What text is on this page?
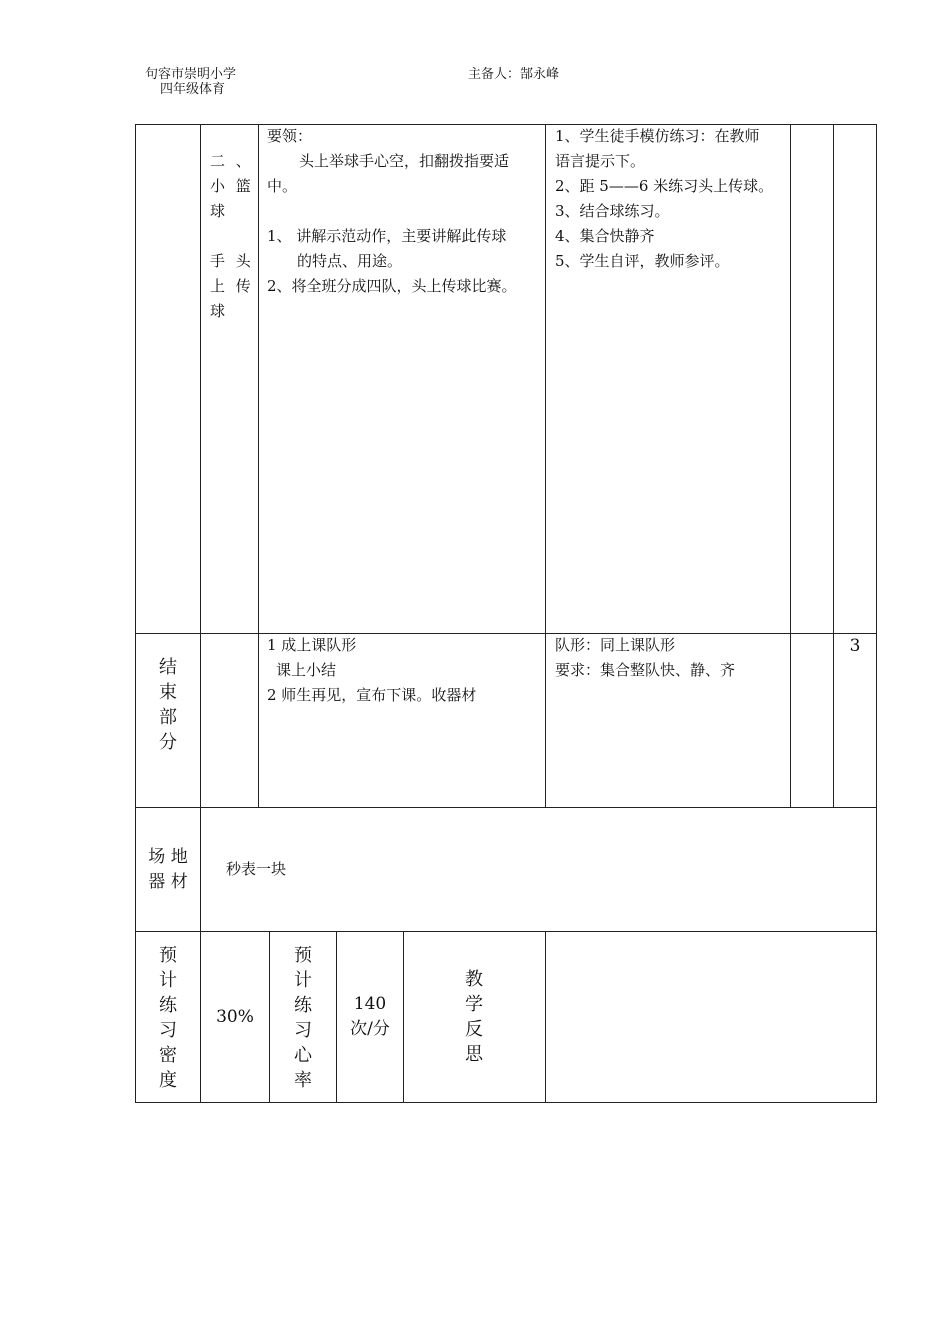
句容市崇明小学
四年级体育
主备人：郜永峰

二 、

小 篮

球

手 头

上 传

球

要领：

头上举球手心空，扣翻拨指要适

中。

1、 讲解示范动作，主要讲解此传球

的特点、用途。

2、将全班分成四队，头上传球比赛。

1、学生徒手模仿练习：在教师

语言提示下。

2、距 5——6 米练习头上传球。

3、结合球练习。

4、集合快静齐

5、学生自评，教师参评。

结

束

部

分

1 成上课队形

课上小结

2 师生再见，宣布下课。收器材

队形：同上课队形

要求：集合整队快、静、齐

3

场 地

器 材

秒表一块

预

计

练

习

密

度

30%

预

计

练

习

心

率

140

次/分

教

学

反

思
